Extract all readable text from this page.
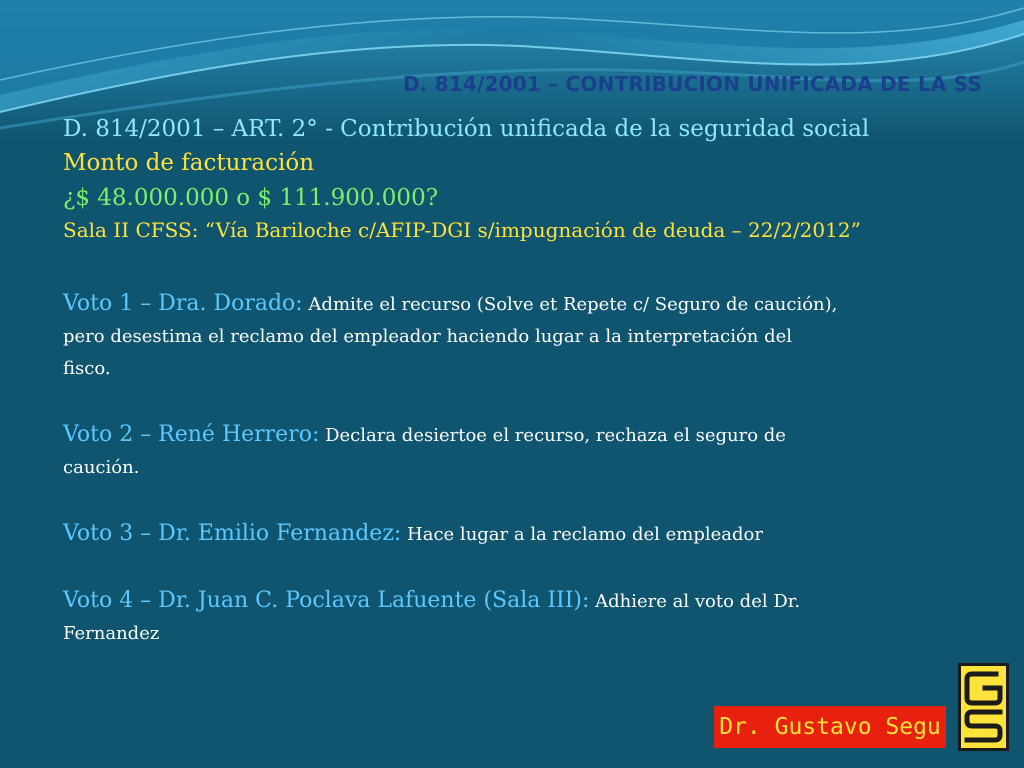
D. 814/2001 – CONTRIBUCION UNIFICADA DE LA SS
D. 814/2001 – ART. 2° - Contribución unificada de la seguridad social
Monto de facturación
¿$ 48.000.000 o $ 111.900.000?
Sala II CFSS: “Vía Bariloche c/AFIP-DGI s/impugnación de deuda – 22/2/2012”
Voto 1 – Dra. Dorado: Admite el recurso (Solve et Repete c/ Seguro de caución),
pero desestima el reclamo del empleador haciendo lugar a la interpretación del
fisco.
Voto 2 – René Herrero: Declara desiertoe el recurso, rechaza el seguro de
caución.
Voto 3 – Dr. Emilio Fernandez: Hace lugar a la reclamo del empleador
Voto 4 – Dr. Juan C. Poclava Lafuente (Sala III): Adhiere al voto del Dr.
Fernandez
Dr. Gustavo Segu
